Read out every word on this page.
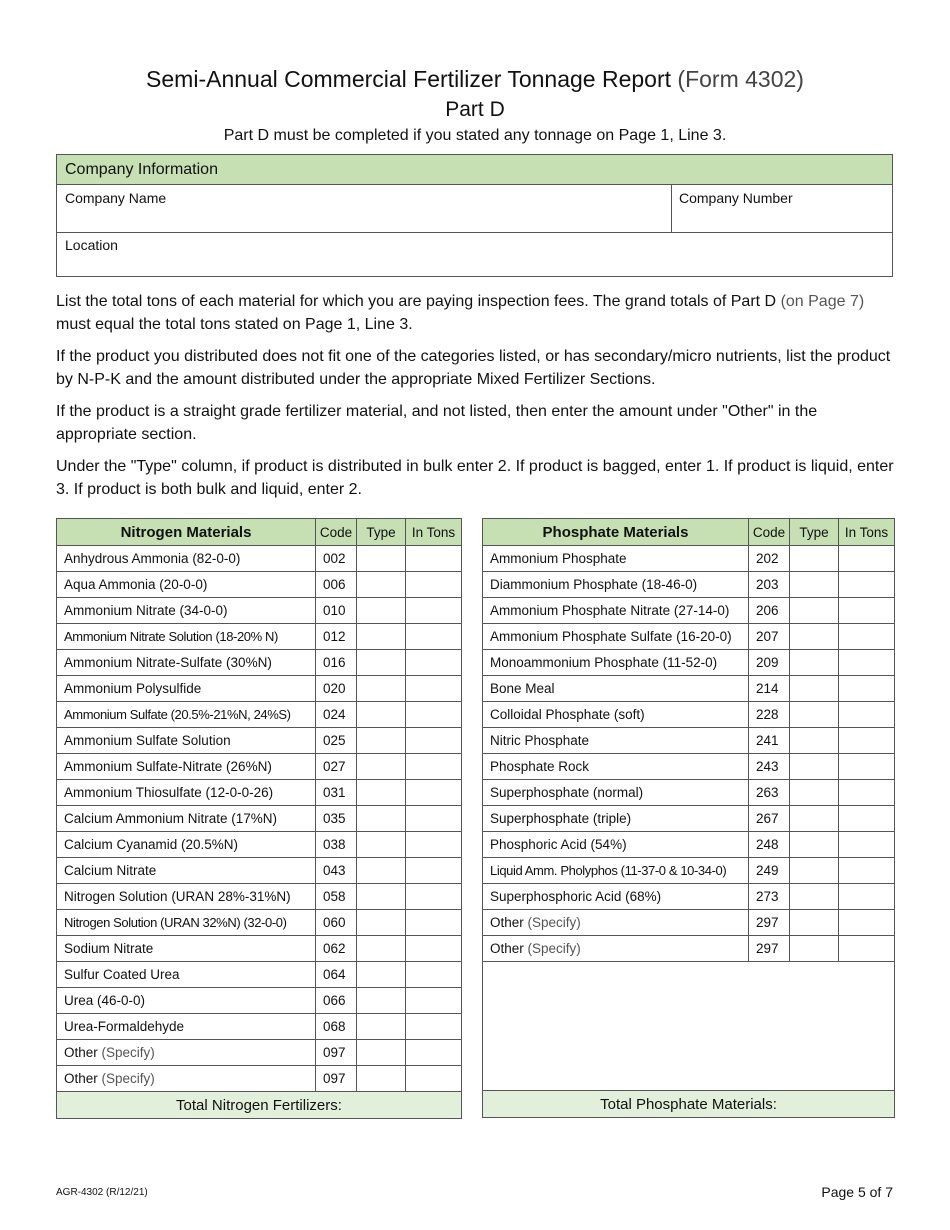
Semi-Annual Commercial Fertilizer Tonnage Report (Form 4302)
Part D
Part D must be completed if you stated any tonnage on Page 1, Line 3.
Company Information
Company Name	Company Number
Location
List the total tons of each material for which you are paying inspection fees. The grand totals of Part D (on Page 7) must equal the total tons stated on Page 1, Line 3.
If the product you distributed does not fit one of the categories listed, or has secondary/micro nutrients, list the product by N-P-K and the amount distributed under the appropriate Mixed Fertilizer Sections.
If the product is a straight grade fertilizer material, and not listed, then enter the amount under "Other" in the appropriate section.
Under the "Type" column, if product is distributed in bulk enter 2. If product is bagged, enter 1. If product is liquid, enter 3. If product is both bulk and liquid, enter 2.
Nitrogen Materials	Code	Type	In Tons
Anhydrous Ammonia (82-0-0)	002		
Aqua Ammonia (20-0-0)	006		
Ammonium Nitrate (34-0-0)	010		
Ammonium Nitrate Solution (18-20% N)	012		
Ammonium Nitrate-Sulfate (30%N)	016		
Ammonium Polysulfide	020		
Ammonium Sulfate (20.5%-21%N, 24%S)	024		
Ammonium Sulfate Solution	025		
Ammonium Sulfate-Nitrate (26%N)	027		
Ammonium Thiosulfate (12-0-0-26)	031		
Calcium Ammonium Nitrate (17%N)	035		
Calcium Cyanamid (20.5%N)	038		
Calcium Nitrate	043		
Nitrogen Solution (URAN 28%-31%N)	058		
Nitrogen Solution (URAN 32%N) (32-0-0)	060		
Sodium Nitrate	062		
Sulfur Coated Urea	064		
Urea (46-0-0)	066		
Urea-Formaldehyde	068		
Other (Specify)	097		
Other (Specify)	097		
Total Nitrogen Fertilizers:			
Phosphate Materials	Code	Type	In Tons
Ammonium Phosphate	202		
Diammonium Phosphate (18-46-0)	203		
Ammonium Phosphate Nitrate (27-14-0)	206		
Ammonium Phosphate Sulfate (16-20-0)	207		
Monoammonium Phosphate (11-52-0)	209		
Bone Meal	214		
Colloidal Phosphate (soft)	228		
Nitric Phosphate	241		
Phosphate Rock	243		
Superphosphate (normal)	263		
Superphosphate (triple)	267		
Phosphoric Acid (54%)	248		
Liquid Amm. Pholyphos (11-37-0 & 10-34-0)	249		
Superphosphoric Acid (68%)	273		
Other (Specify)	297		
Other (Specify)	297		

Total Phosphate Materials:			
AGR-4302 (R/12/21)	Page 5 of 7
